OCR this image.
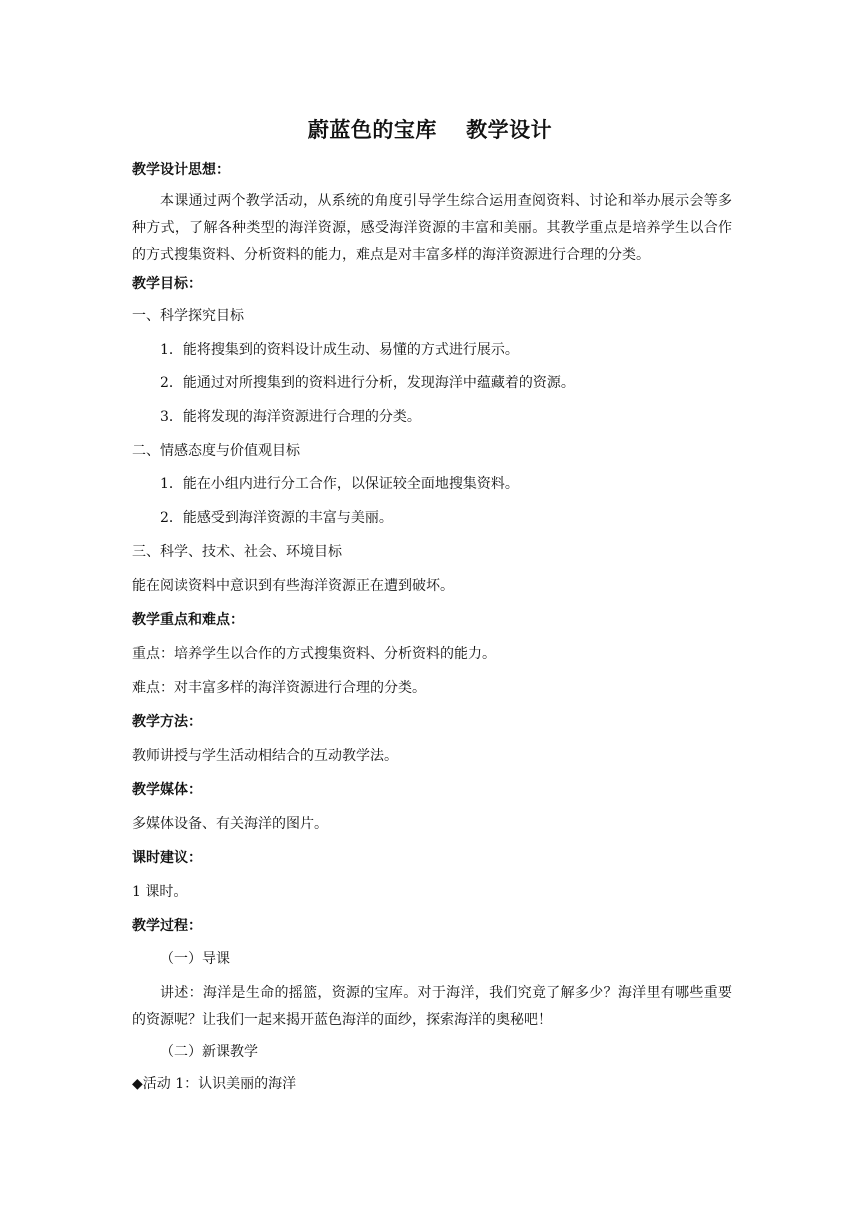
蔚蓝色的宝库　 教学设计
教学设计思想：
本课通过两个教学活动，从系统的角度引导学生综合运用查阅资料、讨论和举办展示会等多种方式，了解各种类型的海洋资源，感受海洋资源的丰富和美丽。其教学重点是培养学生以合作的方式搜集资料、分析资料的能力，难点是对丰富多样的海洋资源进行合理的分类。
教学目标：
一、科学探究目标
1．能将搜集到的资料设计成生动、易懂的方式进行展示。
2．能通过对所搜集到的资料进行分析，发现海洋中蕴藏着的资源。
3．能将发现的海洋资源进行合理的分类。
二、情感态度与价值观目标
1．能在小组内进行分工合作，以保证较全面地搜集资料。
2．能感受到海洋资源的丰富与美丽。
三、科学、技术、社会、环境目标
能在阅读资料中意识到有些海洋资源正在遭到破坏。
教学重点和难点：
重点：培养学生以合作的方式搜集资料、分析资料的能力。
难点：对丰富多样的海洋资源进行合理的分类。
教学方法：
教师讲授与学生活动相结合的互动教学法。
教学媒体：
多媒体设备、有关海洋的图片。
课时建议：
1 课时。
教学过程：
（一）导课
讲述：海洋是生命的摇篮，资源的宝库。对于海洋，我们究竟了解多少？海洋里有哪些重要的资源呢？让我们一起来揭开蓝色海洋的面纱，探索海洋的奥秘吧！
（二）新课教学
◆活动 1：认识美丽的海洋
